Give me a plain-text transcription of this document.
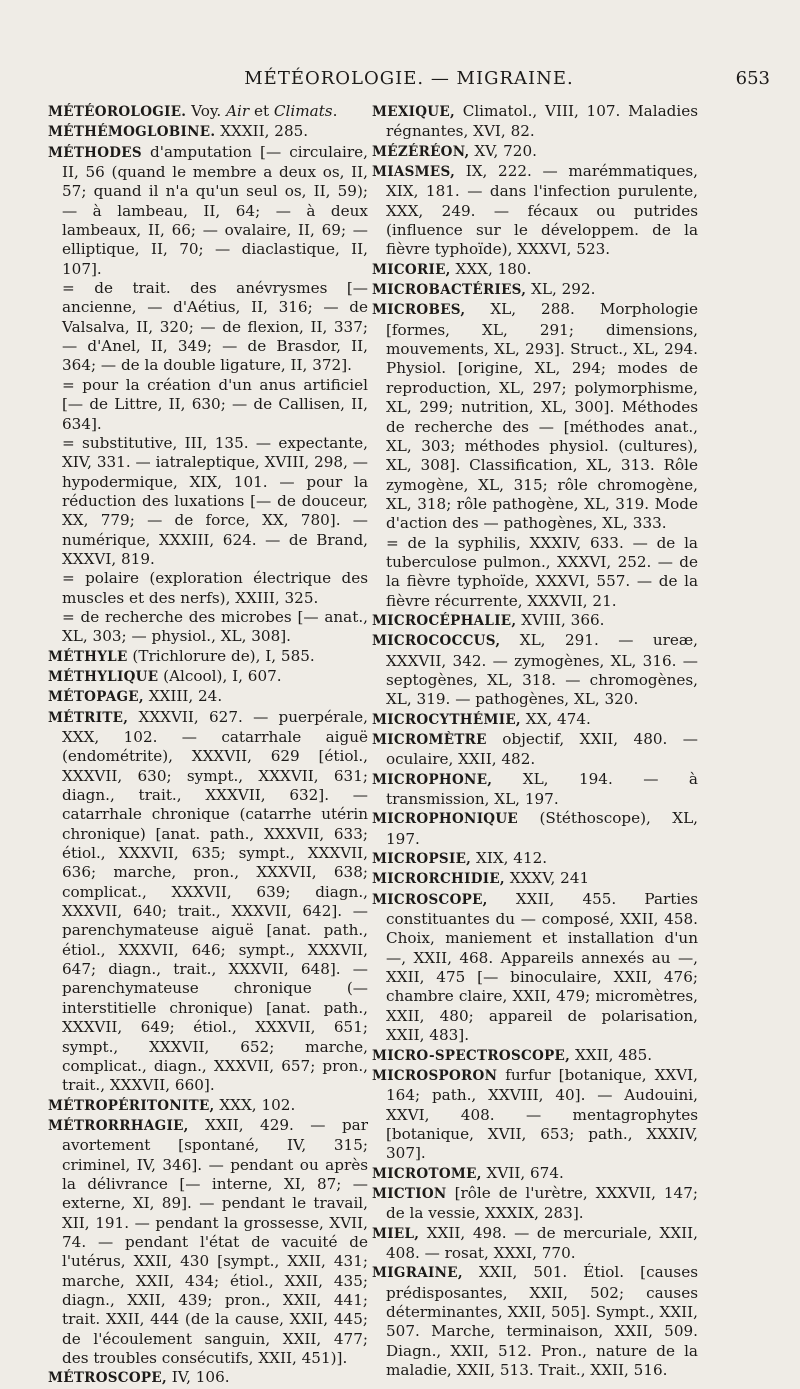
MÉTÉOROLOGIE. — MIGRAINE.	653
MÉTÉOROLOGIE. Voy. Air et Climats.
MÉTHÉMOGLOBINE. XXXII, 285.
MÉTHODES d'amputation [— circulaire, II, 56 (quand le membre a deux os, II, 57; quand il n'a qu'un seul os, II, 59); — à lambeau, II, 64; — à deux lambeaux, II, 66; — ovalaire, II, 69; — elliptique, II, 70; — diaclastique, II, 107].
= de trait. des anévrysmes [— ancienne, — d'Aétius, II, 316; — de Valsalva, II, 320; — de flexion, II, 337; — d'Anel, II, 349; — de Brasdor, II, 364; — de la double ligature, II, 372].
= pour la création d'un anus artificiel [— de Littre, II, 630; — de Callisen, II, 634].
= substitutive, III, 135. — expectante, XIV, 331. — iatraleptique, XVIII, 298, — hypodermique, XIX, 101. — pour la réduction des luxations [— de douceur, XX, 779; — de force, XX, 780]. — numérique, XXXIII, 624. — de Brand, XXXVI, 819.
= polaire (exploration électrique des muscles et des nerfs), XXIII, 325.
= de recherche des microbes [— anat., XL, 303; — physiol., XL, 308].
MÉTHYLE (Trichlorure de), I, 585.
MÉTHYLIQUE (Alcool), I, 607.
MÉTOPAGE, XXIII, 24.
MÉTRITE, XXXVII, 627. — puerpérale, XXX, 102. — catarrhale aiguë (endométrite), XXXVII, 629 [étiol., XXXVII, 630; sympt., XXXVII, 631; diagn., trait., XXXVII, 632]. — catarrhale chronique (catarrhe utérin chronique) [anat. path., XXXVII, 633; étiol., XXXVII, 635; sympt., XXXVII, 636; marche, pron., XXXVII, 638; complicat., XXXVII, 639; diagn., XXXVII, 640; trait., XXXVII, 642]. — parenchymateuse aiguë [anat. path., étiol., XXXVII, 646; sympt., XXXVII, 647; diagn., trait., XXXVII, 648]. — parenchymateuse chronique (— interstitielle chronique) [anat. path., XXXVII, 649; étiol., XXXVII, 651; sympt., XXXVII, 652; marche, complicat., diagn., XXXVII, 657; pron., trait., XXXVII, 660].
MÉTROPÉRITONITE, XXX, 102.
MÉTRORRHAGIE, XXII, 429. — par avortement [spontané, IV, 315; criminel, IV, 346]. — pendant ou après la délivrance [— interne, XI, 87; — externe, XI, 89]. — pendant le travail, XII, 191. — pendant la grossesse, XVII, 74. — pendant l'état de vacuité de l'utérus, XXII, 430 [sympt., XXII, 431; marche, XXII, 434; étiol., XXII, 435; diagn., XXII, 439; pron., XXII, 441; trait. XXII, 444 (de la cause, XXII, 445; de l'écoulement sanguin, XXII, 477; des troubles consécutifs, XXII, 451)].
MÉTROSCOPE, IV, 106.
MEXIQUE, Climatol., VIII, 107. Maladies régnantes, XVI, 82.
MÉZÉRÉON, XV, 720.
MIASMES, IX, 222. — marémmatiques, XIX, 181. — dans l'infection purulente, XXX, 249. — fécaux ou putrides (influence sur le développem. de la fièvre typhoïde), XXXVI, 523.
MICORIE, XXX, 180.
MICROBACTÉRIES, XL, 292.
MICROBES, XL, 288. Morphologie [formes, XL, 291; dimensions, mouvements, XL, 293]. Struct., XL, 294. Physiol. [origine, XL, 294; modes de reproduction, XL, 297; polymorphisme, XL, 299; nutrition, XL, 300]. Méthodes de recherche des — [méthodes anat., XL, 303; méthodes physiol. (cultures), XL, 308]. Classification, XL, 313. Rôle zymogène, XL, 315; rôle chromogène, XL, 318; rôle pathogène, XL, 319. Mode d'action des — pathogènes, XL, 333.
= de la syphilis, XXXIV, 633. — de la tuberculose pulmon., XXXVI, 252. — de la fièvre typhoïde, XXXVI, 557. — de la fièvre récurrente, XXXVII, 21.
MICROCÉPHALIE, XVIII, 366.
MICROCOCCUS, XL, 291. — ureæ, XXXVII, 342. — zymogènes, XL, 316. — septogènes, XL, 318. — chromogènes, XL, 319. — pathogènes, XL, 320.
MICROCYTHÉMIE, XX, 474.
MICROMÈTRE objectif, XXII, 480. — oculaire, XXII, 482.
MICROPHONE, XL, 194. — à transmission, XL, 197.
MICROPHONIQUE (Stéthoscope), XL, 197.
MICROPSIE, XIX, 412.
MICRORCHIDIE, XXXV, 241
MICROSCOPE, XXII, 455. Parties constituantes du — composé, XXII, 458. Choix, maniement et installation d'un —, XXII, 468. Appareils annexés au —, XXII, 475 [— binoculaire, XXII, 476; chambre claire, XXII, 479; micromètres, XXII, 480; appareil de polarisation, XXII, 483].
MICRO-SPECTROSCOPE, XXII, 485.
MICROSPORON furfur [botanique, XXVI, 164; path., XXVIII, 40]. — Audouini, XXVI, 408. — mentagrophytes [botanique, XVII, 653; path., XXXIV, 307].
MICROTOME, XVII, 674.
MICTION [rôle de l'urètre, XXXVII, 147; de la vessie, XXXIX, 283].
MIEL, XXII, 498. — de mercuriale, XXII, 408. — rosat, XXXI, 770.
MIGRAINE, XXII, 501. Étiol. [causes prédisposantes, XXII, 502; causes déterminantes, XXII, 505]. Sympt., XXII, 507. Marche, terminaison, XXII, 509. Diagn., XXII, 512. Pron., nature de la maladie, XXII, 513. Trait., XXII, 516.
